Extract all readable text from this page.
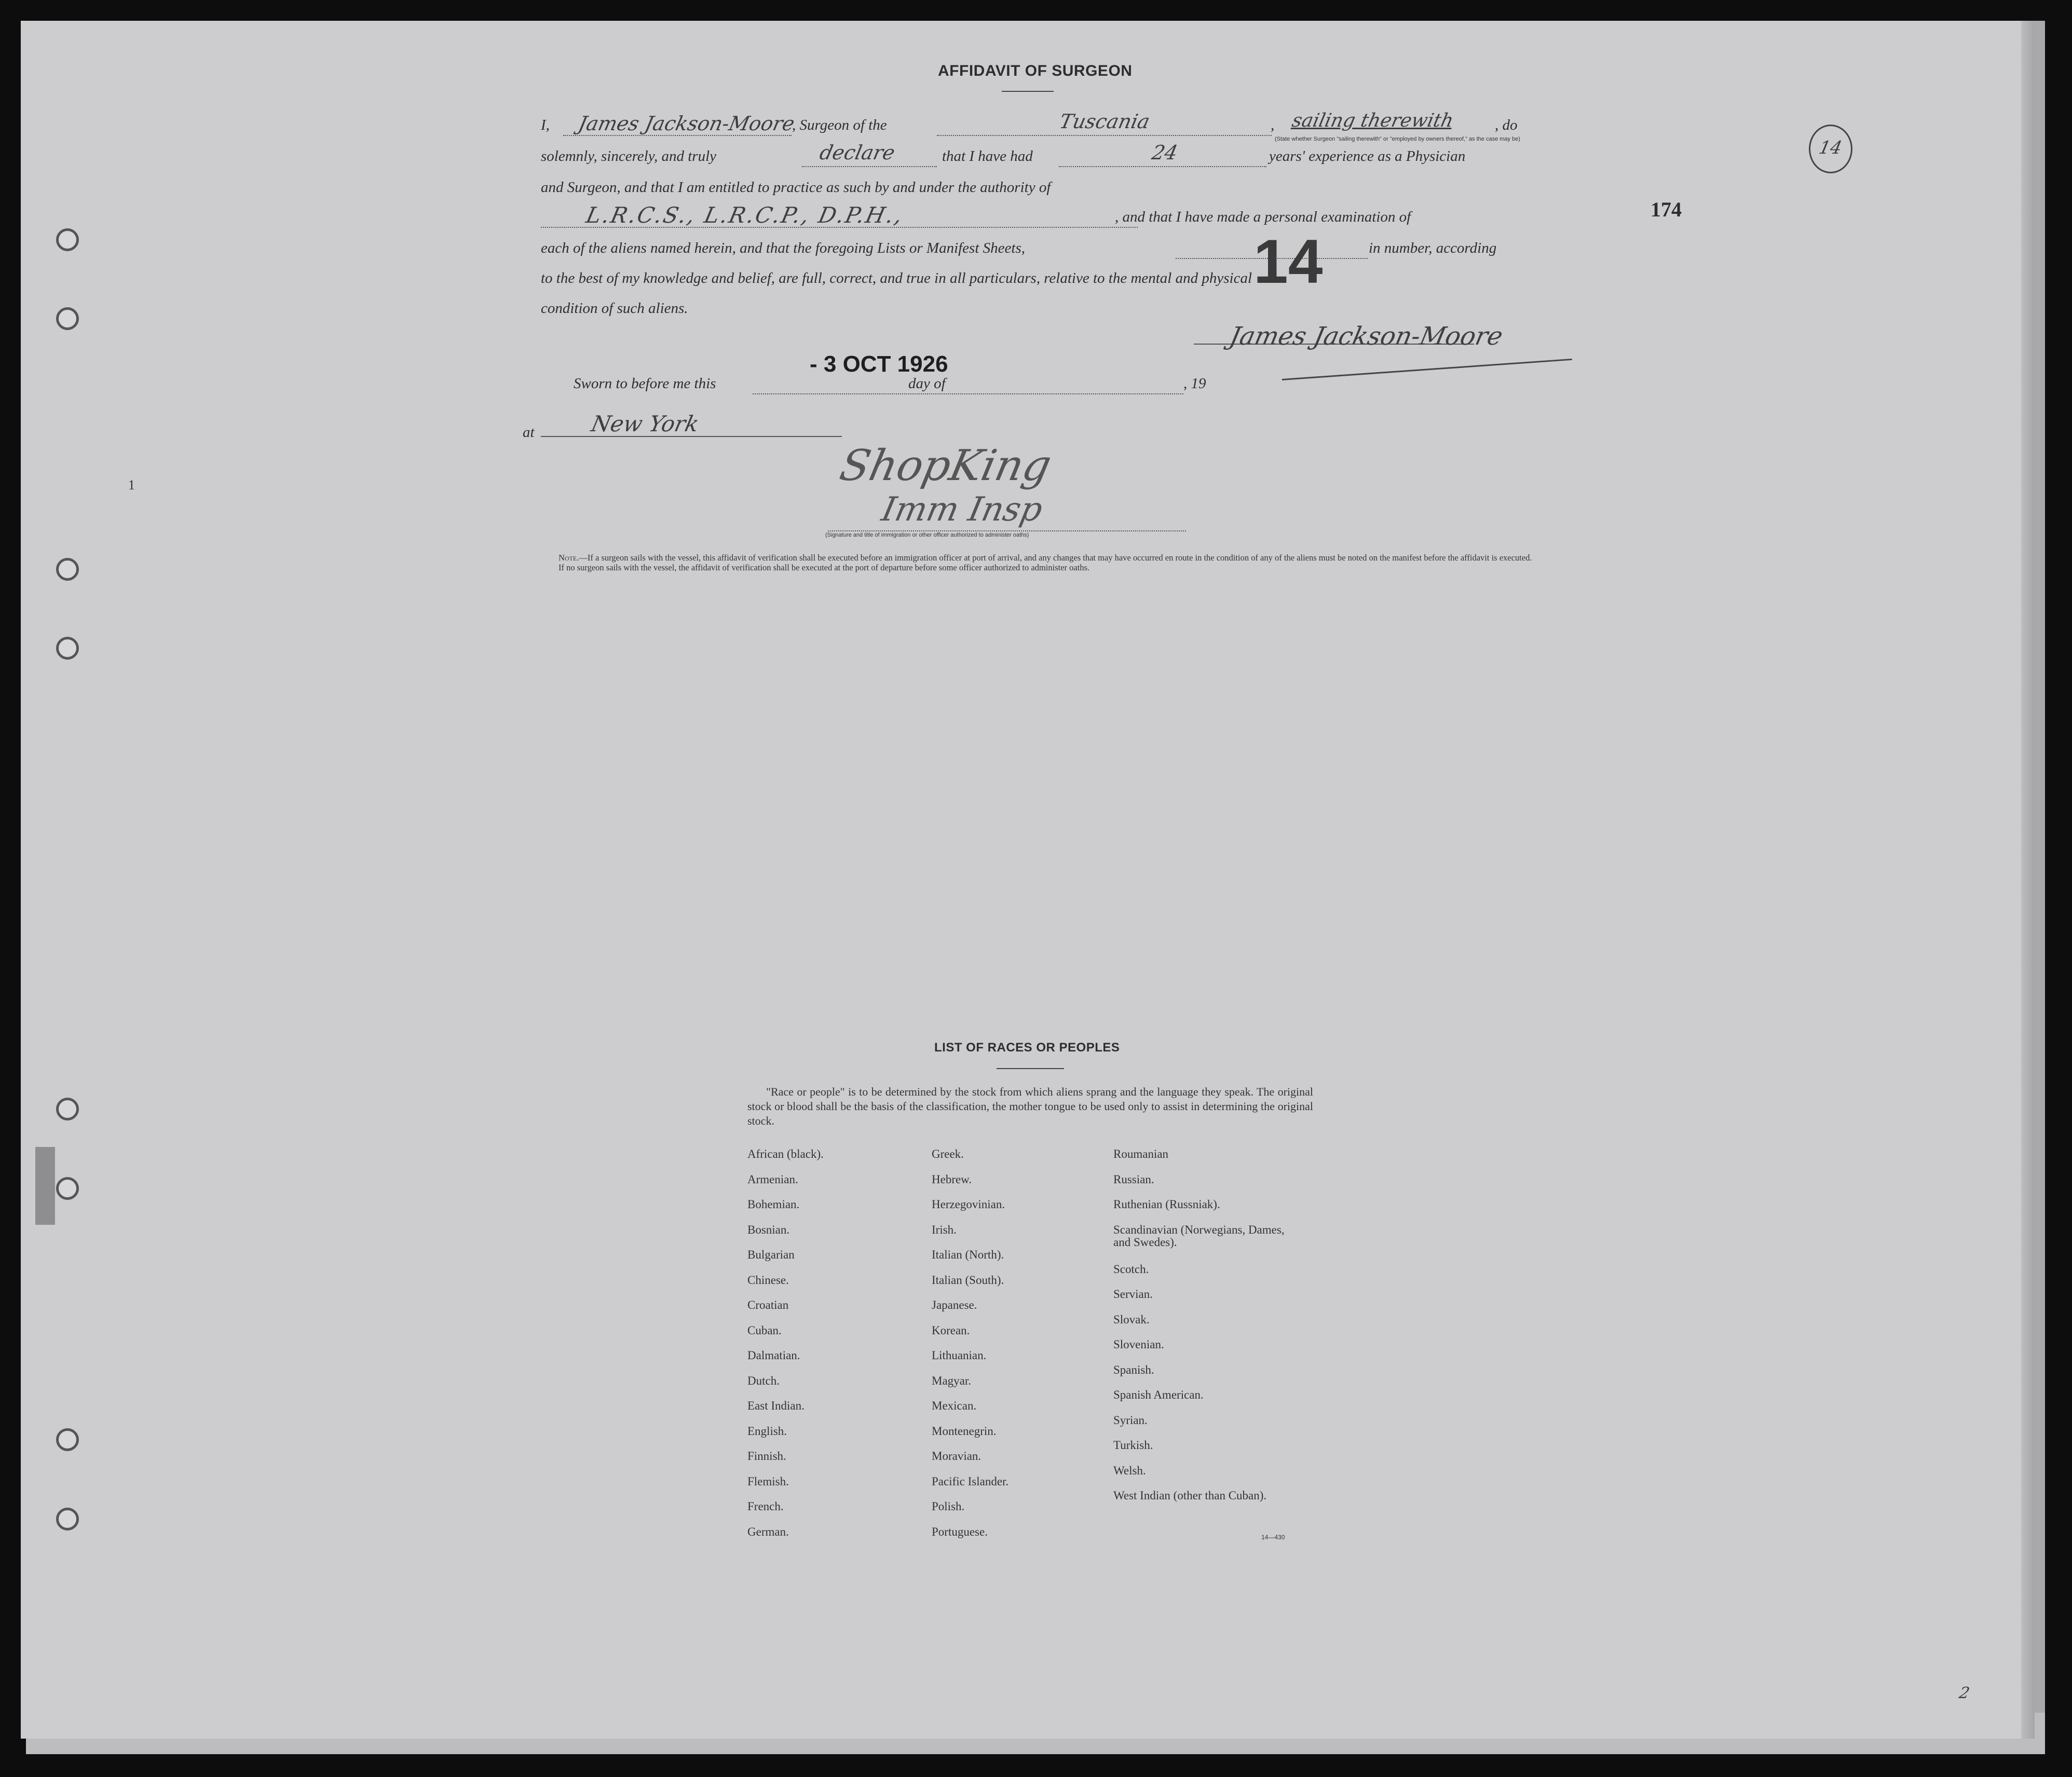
AFFIDAVIT OF SURGEON
174
14
1
2
I, James Jackson-Moore
, Surgeon of the	Tuscania	, sailing therewith
(State whether Surgeon "sailing therewith" or "employed by owners thereof," as the case may be)
, do
solemnly, sincerely, and truly	declare	that I have had	24	years' experience as a Physician
and Surgeon, and that I am entitled to practice as such by and under the authority of
L.R.C.S., L.R.C.P., D.P.H.,	, and that I have made a personal examination of
each of the aliens named herein, and that the foregoing Lists or Manifest Sheets,	14	in number, according
to the best of my knowledge and belief, are full, correct, and true in all particulars, relative to the mental and physical
condition of such aliens.
James Jackson-Moore
Sworn to before me this
- 3 OCT 1926
day of	, 19
at	New York
ShopKing
Imm Insp
(Signature and title of immigration or other officer authorized to administer oaths)
Note.—If a surgeon sails with the vessel, this affidavit of verification shall be executed before an immigration officer at port of arrival, and any changes that may have occurred en route in the condition of any of the aliens must be noted on the manifest before the affidavit is executed.
If no surgeon sails with the vessel, the affidavit of verification shall be executed at the port of departure before some officer authorized to administer oaths.
LIST OF RACES OR PEOPLES
"Race or people" is to be determined by the stock from which aliens sprang and the language they speak. The original stock or blood shall be the basis of the classification, the mother tongue to be used only to assist in determining the original stock.
African (black).
Armenian.
Bohemian.
Bosnian.
Bulgarian
Chinese.
Croatian
Cuban.
Dalmatian.
Dutch.
East Indian.
English.
Finnish.
Flemish.
French.
German.
Greek.
Hebrew.
Herzegovinian.
Irish.
Italian (North).
Italian (South).
Japanese.
Korean.
Lithuanian.
Magyar.
Mexican.
Montenegrin.
Moravian.
Pacific Islander.
Polish.
Portuguese.
Roumanian
Russian.
Ruthenian (Russniak).
Scandinavian (Norwegians, Dames, and Swedes).
Scotch.
Servian.
Slovak.
Slovenian.
Spanish.
Spanish American.
Syrian.
Turkish.
Welsh.
West Indian (other than Cuban).
14—430
